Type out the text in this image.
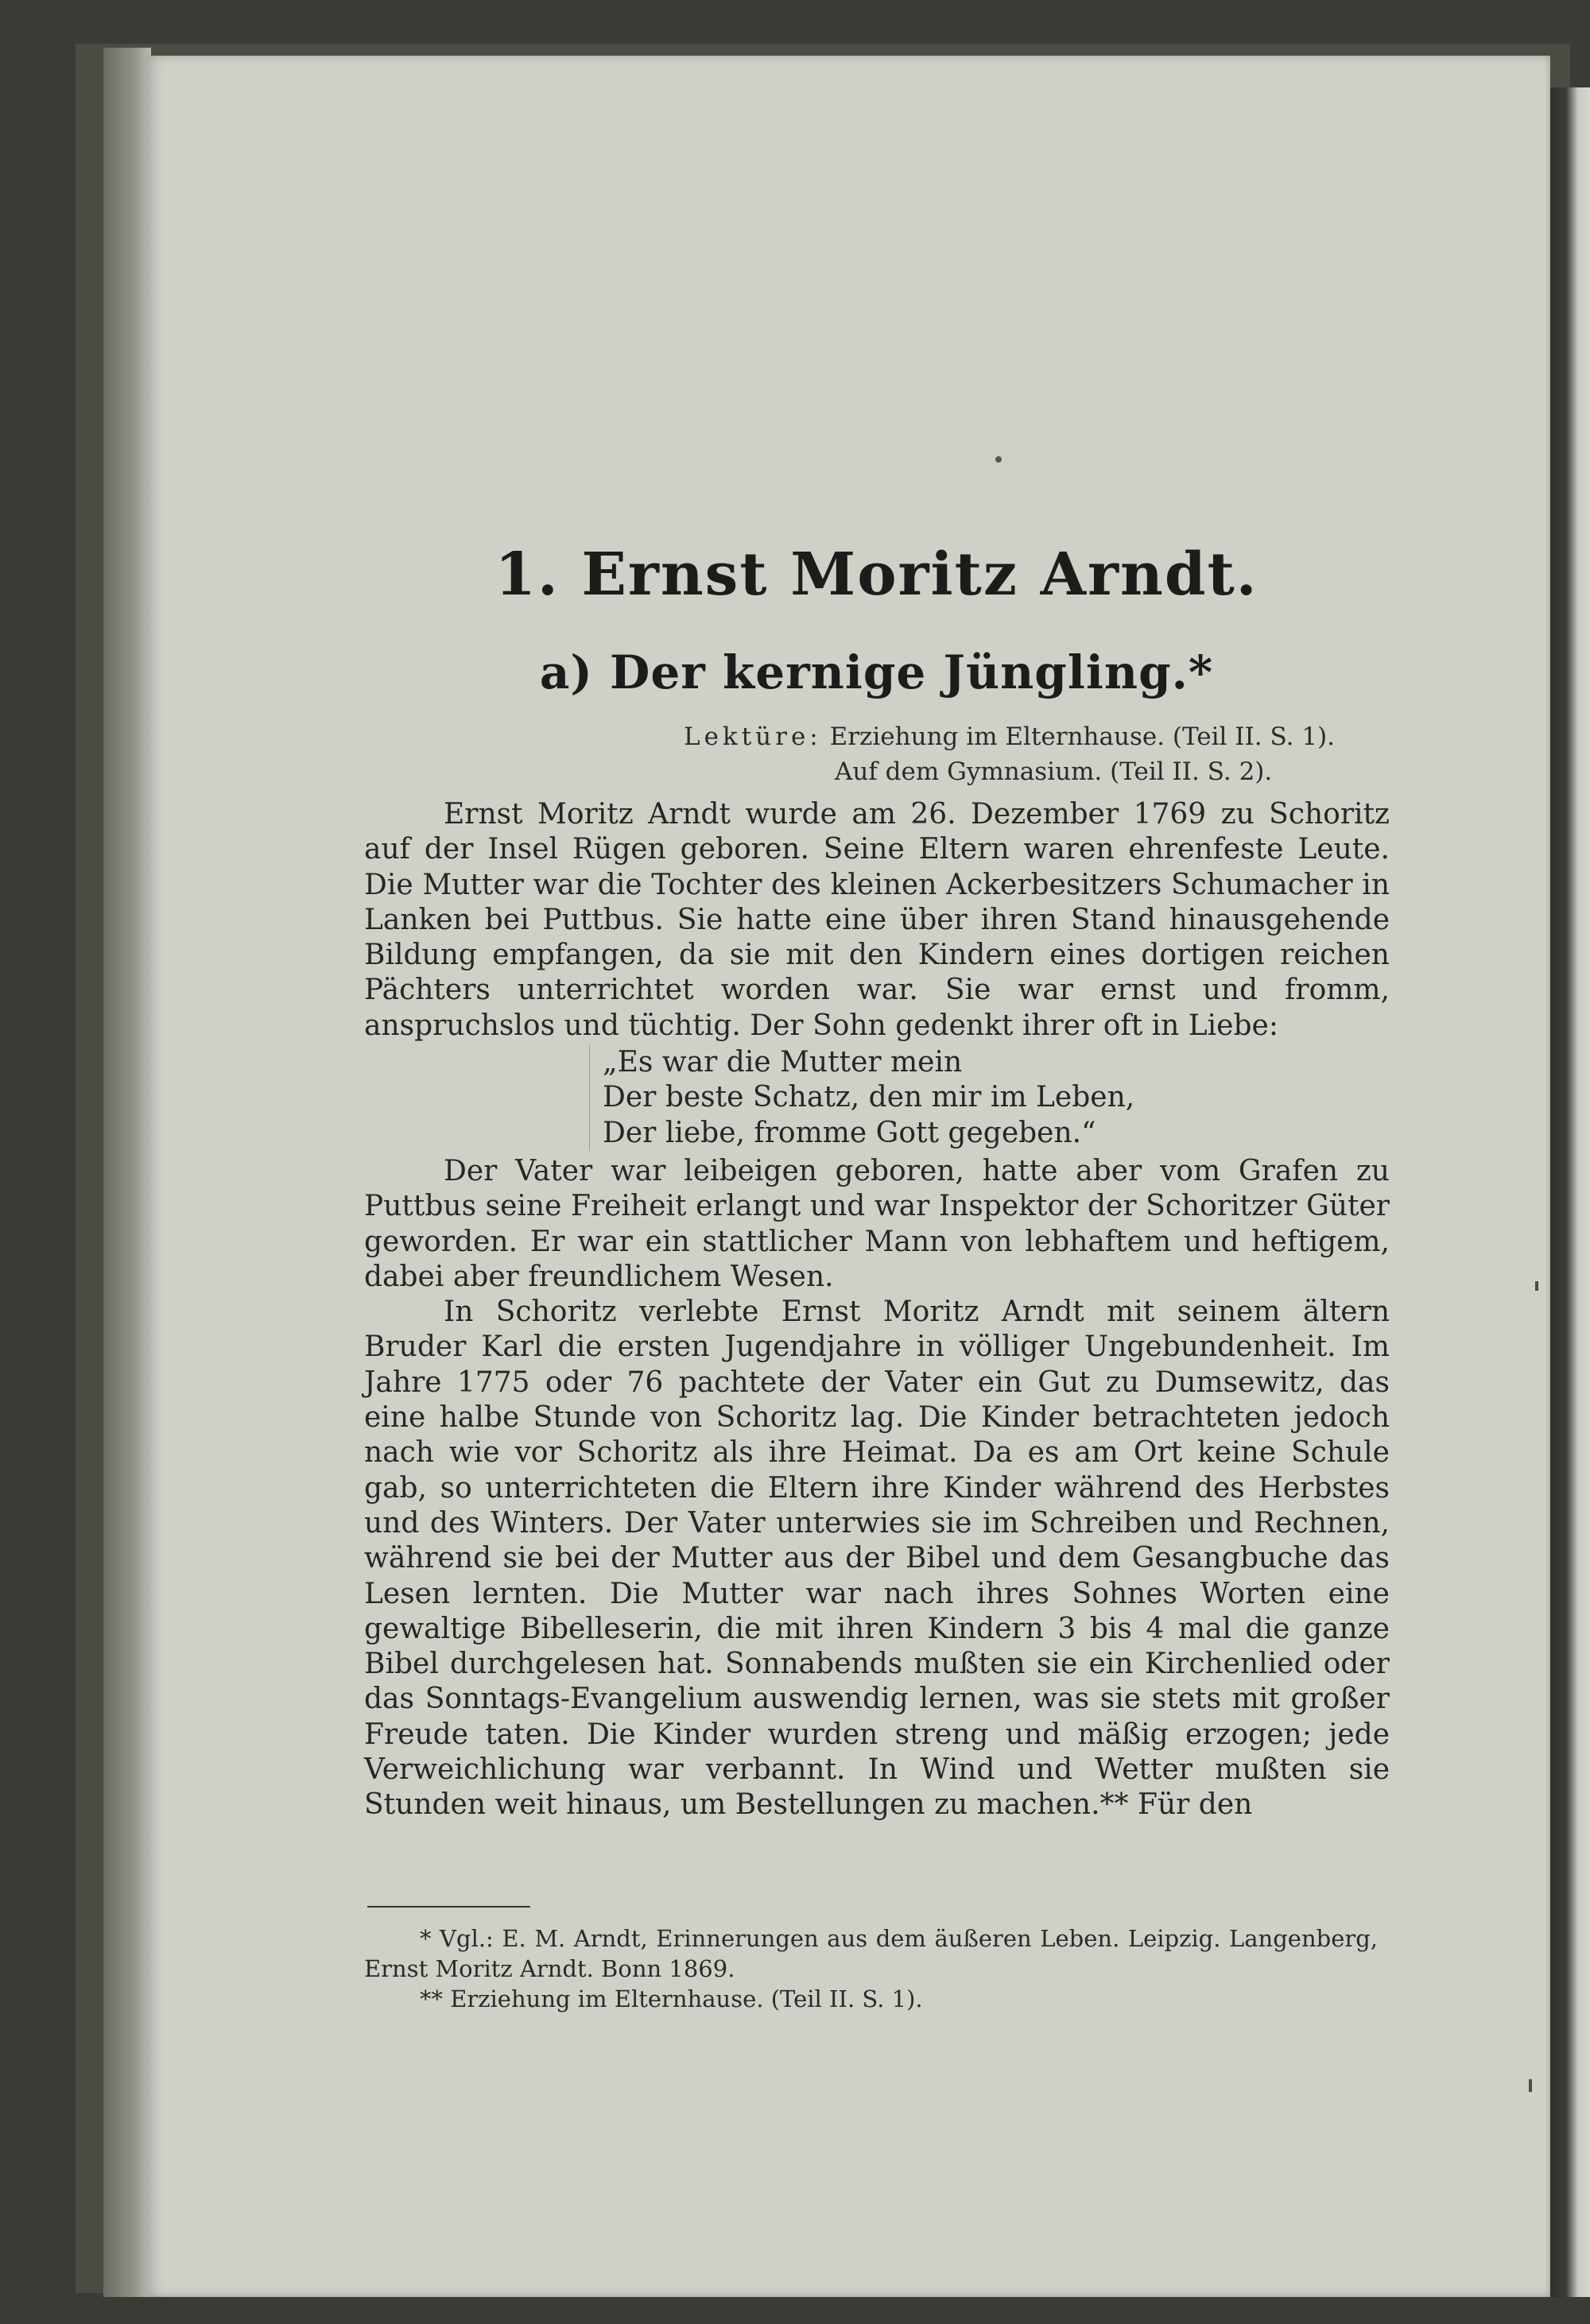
1. Ernst Moritz Arndt.
a) Der kernige Jüngling.*
Lektüre: Erziehung im Elternhause. (Teil II. S. 1).
Auf dem Gymnasium. (Teil II. S. 2).

Ernst Moritz Arndt wurde am 26. Dezember 1769 zu Schoritz auf der Insel Rügen geboren. Seine Eltern waren ehrenfeste Leute. Die Mutter war die Tochter des kleinen Ackerbesitzers Schumacher in Lanken bei Puttbus. Sie hatte eine über ihren Stand hinausgehende Bildung empfangen, da sie mit den Kindern eines dortigen reichen Pächters unterrichtet worden war. Sie war ernst und fromm, anspruchslos und tüchtig. Der Sohn gedenkt ihrer oft in Liebe:

„Es war die Mutter mein
Der beste Schatz, den mir im Leben,
Der liebe, fromme Gott gegeben.“

Der Vater war leibeigen geboren, hatte aber vom Grafen zu Puttbus seine Freiheit erlangt und war Inspektor der Schoritzer Güter geworden. Er war ein stattlicher Mann von lebhaftem und heftigem, dabei aber freundlichem Wesen.

In Schoritz verlebte Ernst Moritz Arndt mit seinem ältern Bruder Karl die ersten Jugendjahre in völliger Ungebundenheit. Im Jahre 1775 oder 76 pachtete der Vater ein Gut zu Dumsewitz, das eine halbe Stunde von Schoritz lag. Die Kinder betrachteten jedoch nach wie vor Schoritz als ihre Heimat. Da es am Ort keine Schule gab, so unterrichteten die Eltern ihre Kinder während des Herbstes und des Winters. Der Vater unterwies sie im Schreiben und Rechnen, während sie bei der Mutter aus der Bibel und dem Gesangbuche das Lesen lernten. Die Mutter war nach ihres Sohnes Worten eine gewaltige Bibelleserin, die mit ihren Kindern 3 bis 4 mal die ganze Bibel durchgelesen hat. Sonnabends mußten sie ein Kirchenlied oder das Sonntags-Evangelium auswendig lernen, was sie stets mit großer Freude taten. Die Kinder wurden streng und mäßig erzogen; jede Verweichlichung war verbannt. In Wind und Wetter mußten sie Stunden weit hinaus, um Bestellungen zu machen.** Für den

* Vgl.: E. M. Arndt, Erinnerungen aus dem äußeren Leben. Leipzig. Langenberg, Ernst Moritz Arndt. Bonn 1869.

** Erziehung im Elternhause. (Teil II. S. 1).
